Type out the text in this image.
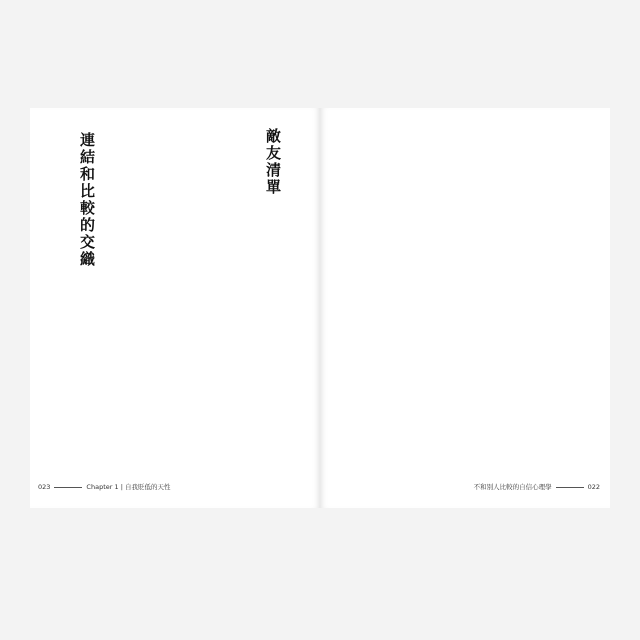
敵友清單
連結和比較的交織
023	Chapter 1 | 自我貶低的天性	不和別人比較的自信心理學	022
